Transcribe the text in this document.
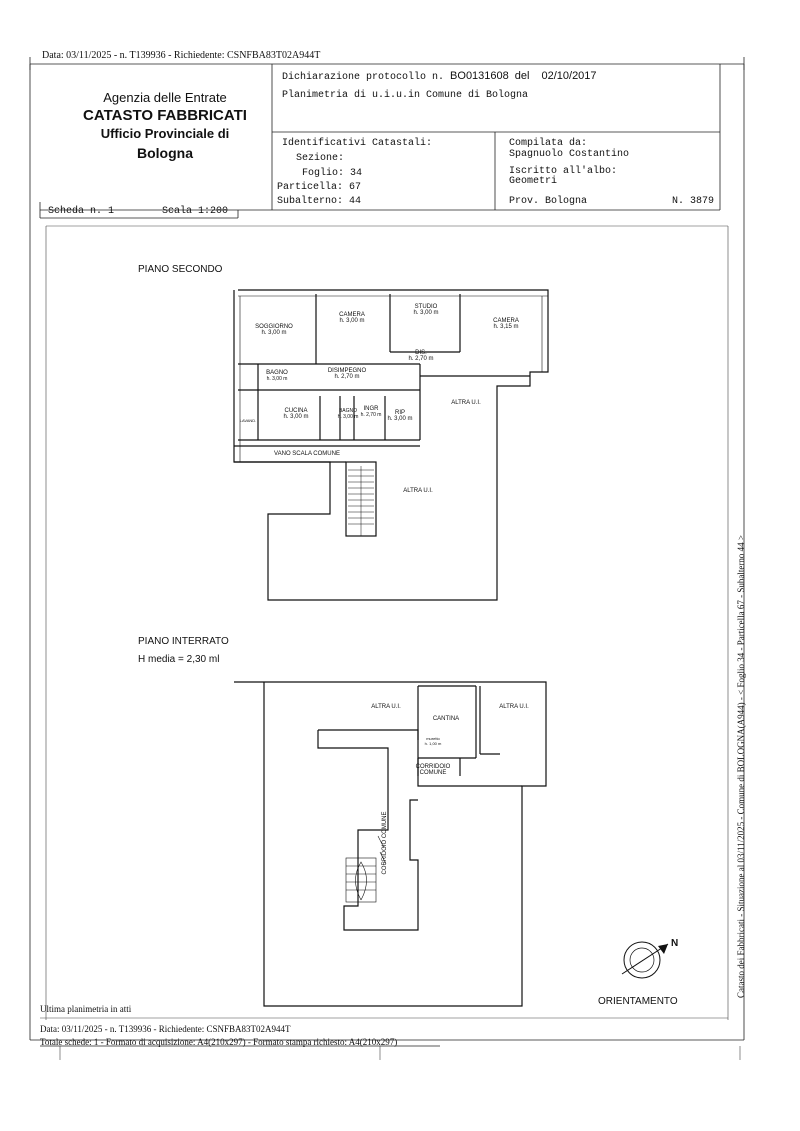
Data: 03/11/2025 - n. T139936 - Richiedente: CSNFBA83T02A944T
N
Agenzia delle Entrate
CATASTO FABBRICATI
Ufficio Provinciale di
Bologna
Dichiarazione protocollo n. BO0131608 del 02/10/2017
Planimetria di u.i.u.in Comune di Bologna
Identificativi Catastali:
Sezione:
Foglio: 34
Particella: 67
Subalterno: 44
Compilata da:
Spagnuolo Costantino
Iscritto all'albo:
Geometri
Prov. Bologna	N. 3879
Scheda n. 1	Scala 1:200
PIANO SECONDO
SOGGIORNO
h. 3,00 m
CAMERA
h. 3,00 m
STUDIO
h. 3,00 m
CAMERA
h. 3,15 m
DIS.
h. 2,70 m
BAGNO
h. 3,00 m
DISIMPEGNO
h. 2,70 m
LAVAND.
CUCINA
h. 3,00 m
BAGNO
h. 3,00 m
INGR
h. 2,70 m	RIP
h. 3,00 m
ALTRA U.I.
VANO SCALA COMUNE
ALTRA U.I.
PIANO INTERRATO
H media = 2,30 ml
ALTRA U.I.
CANTINA
ALTRA U.I.
muretto
h. 1,00 m
CORRIDOIO
COMUNE
CORRIDOIO COMUNE
ORIENTAMENTO
Ultima planimetria in atti
Data: 03/11/2025 - n. T139936 - Richiedente: CSNFBA83T02A944T
Totale schede: 1 - Formato di acquisizione: A4(210x297) - Formato stampa richiesto: A4(210x297)
Catasto dei Fabbricati - Situazione al 03/11/2025 - Comune di BOLOGNA(A944) - < Foglio 34 - Particella 67 - Subalterno 44 >
